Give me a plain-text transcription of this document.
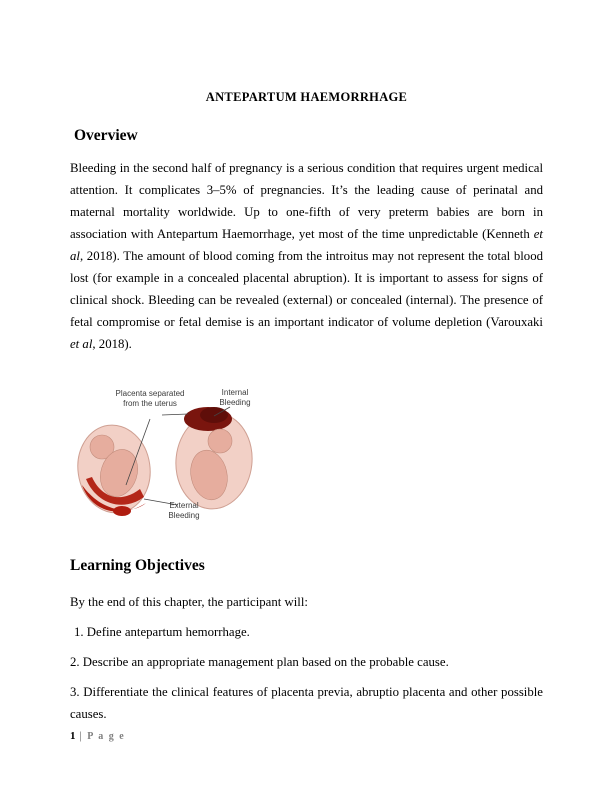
ANTEPARTUM HAEMORRHAGE
Overview

Bleeding in the second half of pregnancy is a serious condition that requires urgent medical attention. It complicates 3–5% of pregnancies. It’s the leading cause of perinatal and maternal mortality worldwide. Up to one-fifth of very preterm babies are born in association with Antepartum Haemorrhage, yet most of the time unpredictable (Kenneth et al, 2018). The amount of blood coming from the introitus may not represent the total blood lost (for example in a concealed placental abruption). It is important to assess for signs of clinical shock. Bleeding can be revealed (external) or concealed (internal). The presence of fetal compromise or fetal demise is an important indicator of volume depletion (Varouxaki et al, 2018).

Placenta separated from the uterus
Internal Bleeding
External Bleeding
Learning Objectives

By the end of this chapter, the participant will:

1. Define antepartum hemorrhage.

2. Describe an appropriate management plan based on the probable cause.

3. Differentiate the clinical features of placenta previa, abruptio placenta and other possible causes.

1 | P a g e
